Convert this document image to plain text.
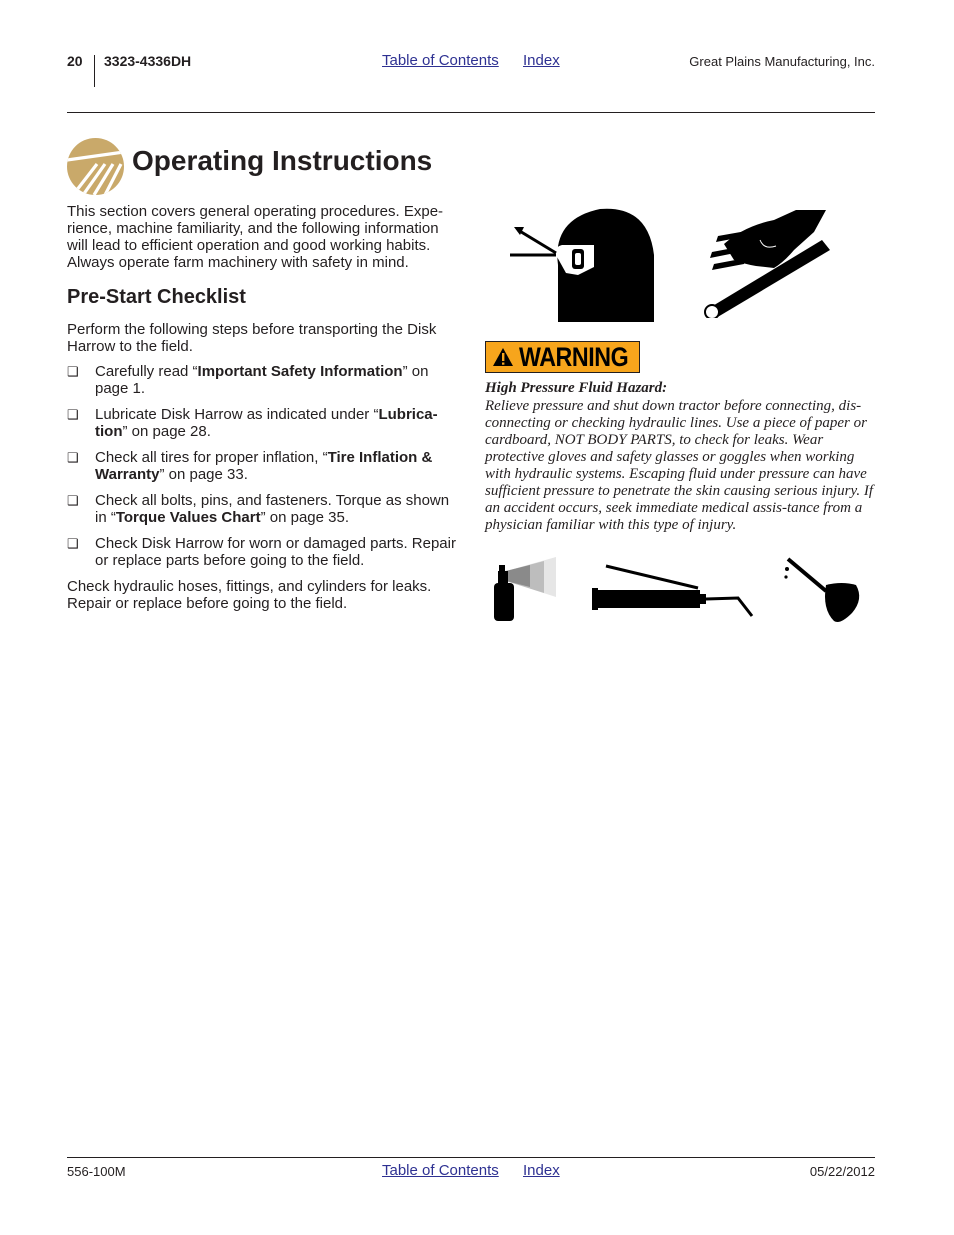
20 3323-4336DH	Table of Contents Index	Great Plains Manufacturing, Inc.
Operating Instructions
This section covers general operating procedures. Expe-rience, machine familiarity, and the following information will lead to efficient operation and good working habits. Always operate farm machinery with safety in mind.
Pre-Start Checklist
Perform the following steps before transporting the Disk Harrow to the field.
❑ Carefully read “Important Safety Information” on page 1.
❑ Lubricate Disk Harrow as indicated under “Lubrica-tion” on page 28.
❑ Check all tires for proper inflation, “Tire Inflation & Warranty” on page 33.
❑ Check all bolts, pins, and fasteners. Torque as shown in “Torque Values Chart” on page 35.
❑ Check Disk Harrow for worn or damaged parts. Repair or replace parts before going to the field.
Check hydraulic hoses, fittings, and cylinders for leaks. Repair or replace before going to the field.
WARNING
High Pressure Fluid Hazard:
Relieve pressure and shut down tractor before connecting, dis-connecting or checking hydraulic lines. Use a piece of paper or cardboard, NOT BODY PARTS, to check for leaks. Wear protective gloves and safety glasses or goggles when working with hydraulic systems. Escaping fluid under pressure can have sufficient pressure to penetrate the skin causing serious injury. If an accident occurs, seek immediate medical assis-tance from a physician familiar with this type of injury.
556-100M	Table of Contents Index	05/22/2012
